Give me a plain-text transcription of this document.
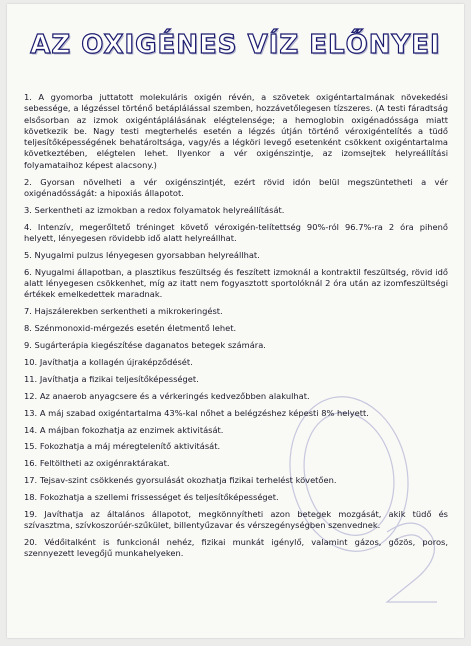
AZ OXIGÉNES VÍZ ELŐNYEI
1. A gyomorba juttatott molekuláris oxigén révén, a szövetek oxigéntartalmának növekedési sebessége, a légzéssel történő betáplálással szemben, hozzávetőlegesen tízszeres. (A testi fáradtság elsősorban az izmok oxigéntáplálásának elégtelensége; a hemoglobin oxigénadóssága miatt következik be. Nagy testi megterhelés esetén a légzés útján történő vérоxigéntelítés a tüdő teljesítőképességének behatároltsága, vagy/és a légköri levegő esetenként csökkent oxigéntartalma következtében, elégtelen lehet. Ilyenkor a vér oxigénszintje, az izomsejtek helyreállítási folyamataihoz képest alacsony.)
2. Gyorsan növelheti a vér oxigénszintjét, ezért rövid idón belül megszüntetheti a vér oxigénadósságát: a hipoxiás állapotot.
3. Serkentheti az izmokban a redox folyamatok helyreállítását.
4. Intenzív, megerőltető tréninget követő véroxigén-telítettség 90%-ról 96.7%-ra 2 óra pihenő helyett, lényegesen rövidebb idő alatt helyreállhat.
5. Nyugalmi pulzus lényegesen gyorsabban helyreállhat.
6. Nyugalmi állapotban, a plasztikus feszültség és feszített izmoknál a kontraktil feszültség, rövid idő alatt lényegesen csökkenhet, míg az itatt nem fogyasztott sportolóknál 2 óra után az izomfeszültségi értékek emelkedettek maradnak.
7. Hajszálerekben serkentheti a mikrokeringést.
8. Szénmonoxid-mérgezés esetén életmentő lehet.
9. Sugárterápia kiegészítése daganatos betegek számára.
10. Javíthatja a kollagén újraképződését.
11. Javíthatja a fizikai teljesítőképességet.
12. Az anaerob anyagcsere és a vérkeringés kedvezőbben alakulhat.
13. A máj szabad oxigéntartalma 43%-kal nőhet a belégzéshez képesti 8% helyett.
14. A májban fokozhatja az enzimek aktivitását.
15. Fokozhatja a máj méregtelenítő aktivitását.
16. Feltöltheti az oxigénraktárakat.
17. Tejsav-szint csökkenés gyorsulását okozhatja fizikai terhelést követően.
18. Fokozhatja a szellemi frissességet és teljesítőképességet.
19. Javíthatja az általános állapotot, megkönnyítheti azon betegek mozgását, akik tüdő és szívasztma, szívkoszorúér-szűkület, billentyűzavar és vérszegénységben szenvednek.
20. Védőitalként is funkcionál nehéz, fizikai munkát igénylő, valamint gázos, gőzös, poros, szennyezett levegőjű munkahelyeken.
